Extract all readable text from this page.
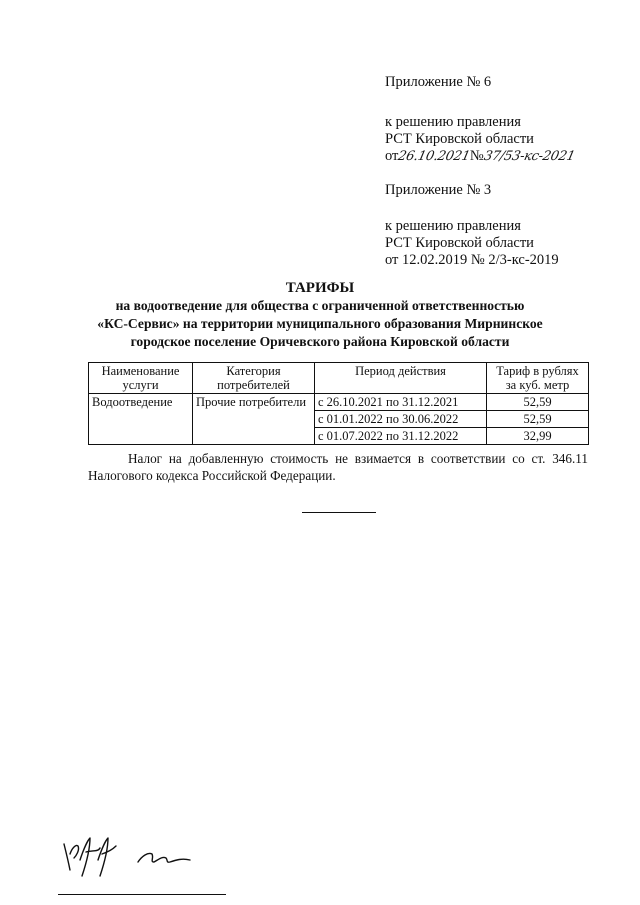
Приложение № 6
к решению правления
РСТ Кировской области
от26.10.2021№37/53-кс-2021
Приложение № 3
к решению правления
РСТ Кировской области
от 12.02.2019 № 2/3-кс-2019
ТАРИФЫ
на водоотведение для общества с ограниченной ответственностью
«КС-Сервис» на территории муниципального образования Мирнинское
городское поселение Оричевского района Кировской области
Наименование услуги	Категория потребителей	Период действия	Тариф в рублях за куб. метр
Водоотведение	Прочие потребители	с 26.10.2021 по 31.12.2021	52,59
		с 01.01.2022 по 30.06.2022	52,59
		с 01.07.2022 по 31.12.2022	32,99
Налог на добавленную стоимость не взимается в соответствии со ст. 346.11 Налогового кодекса Российской Федерации.
